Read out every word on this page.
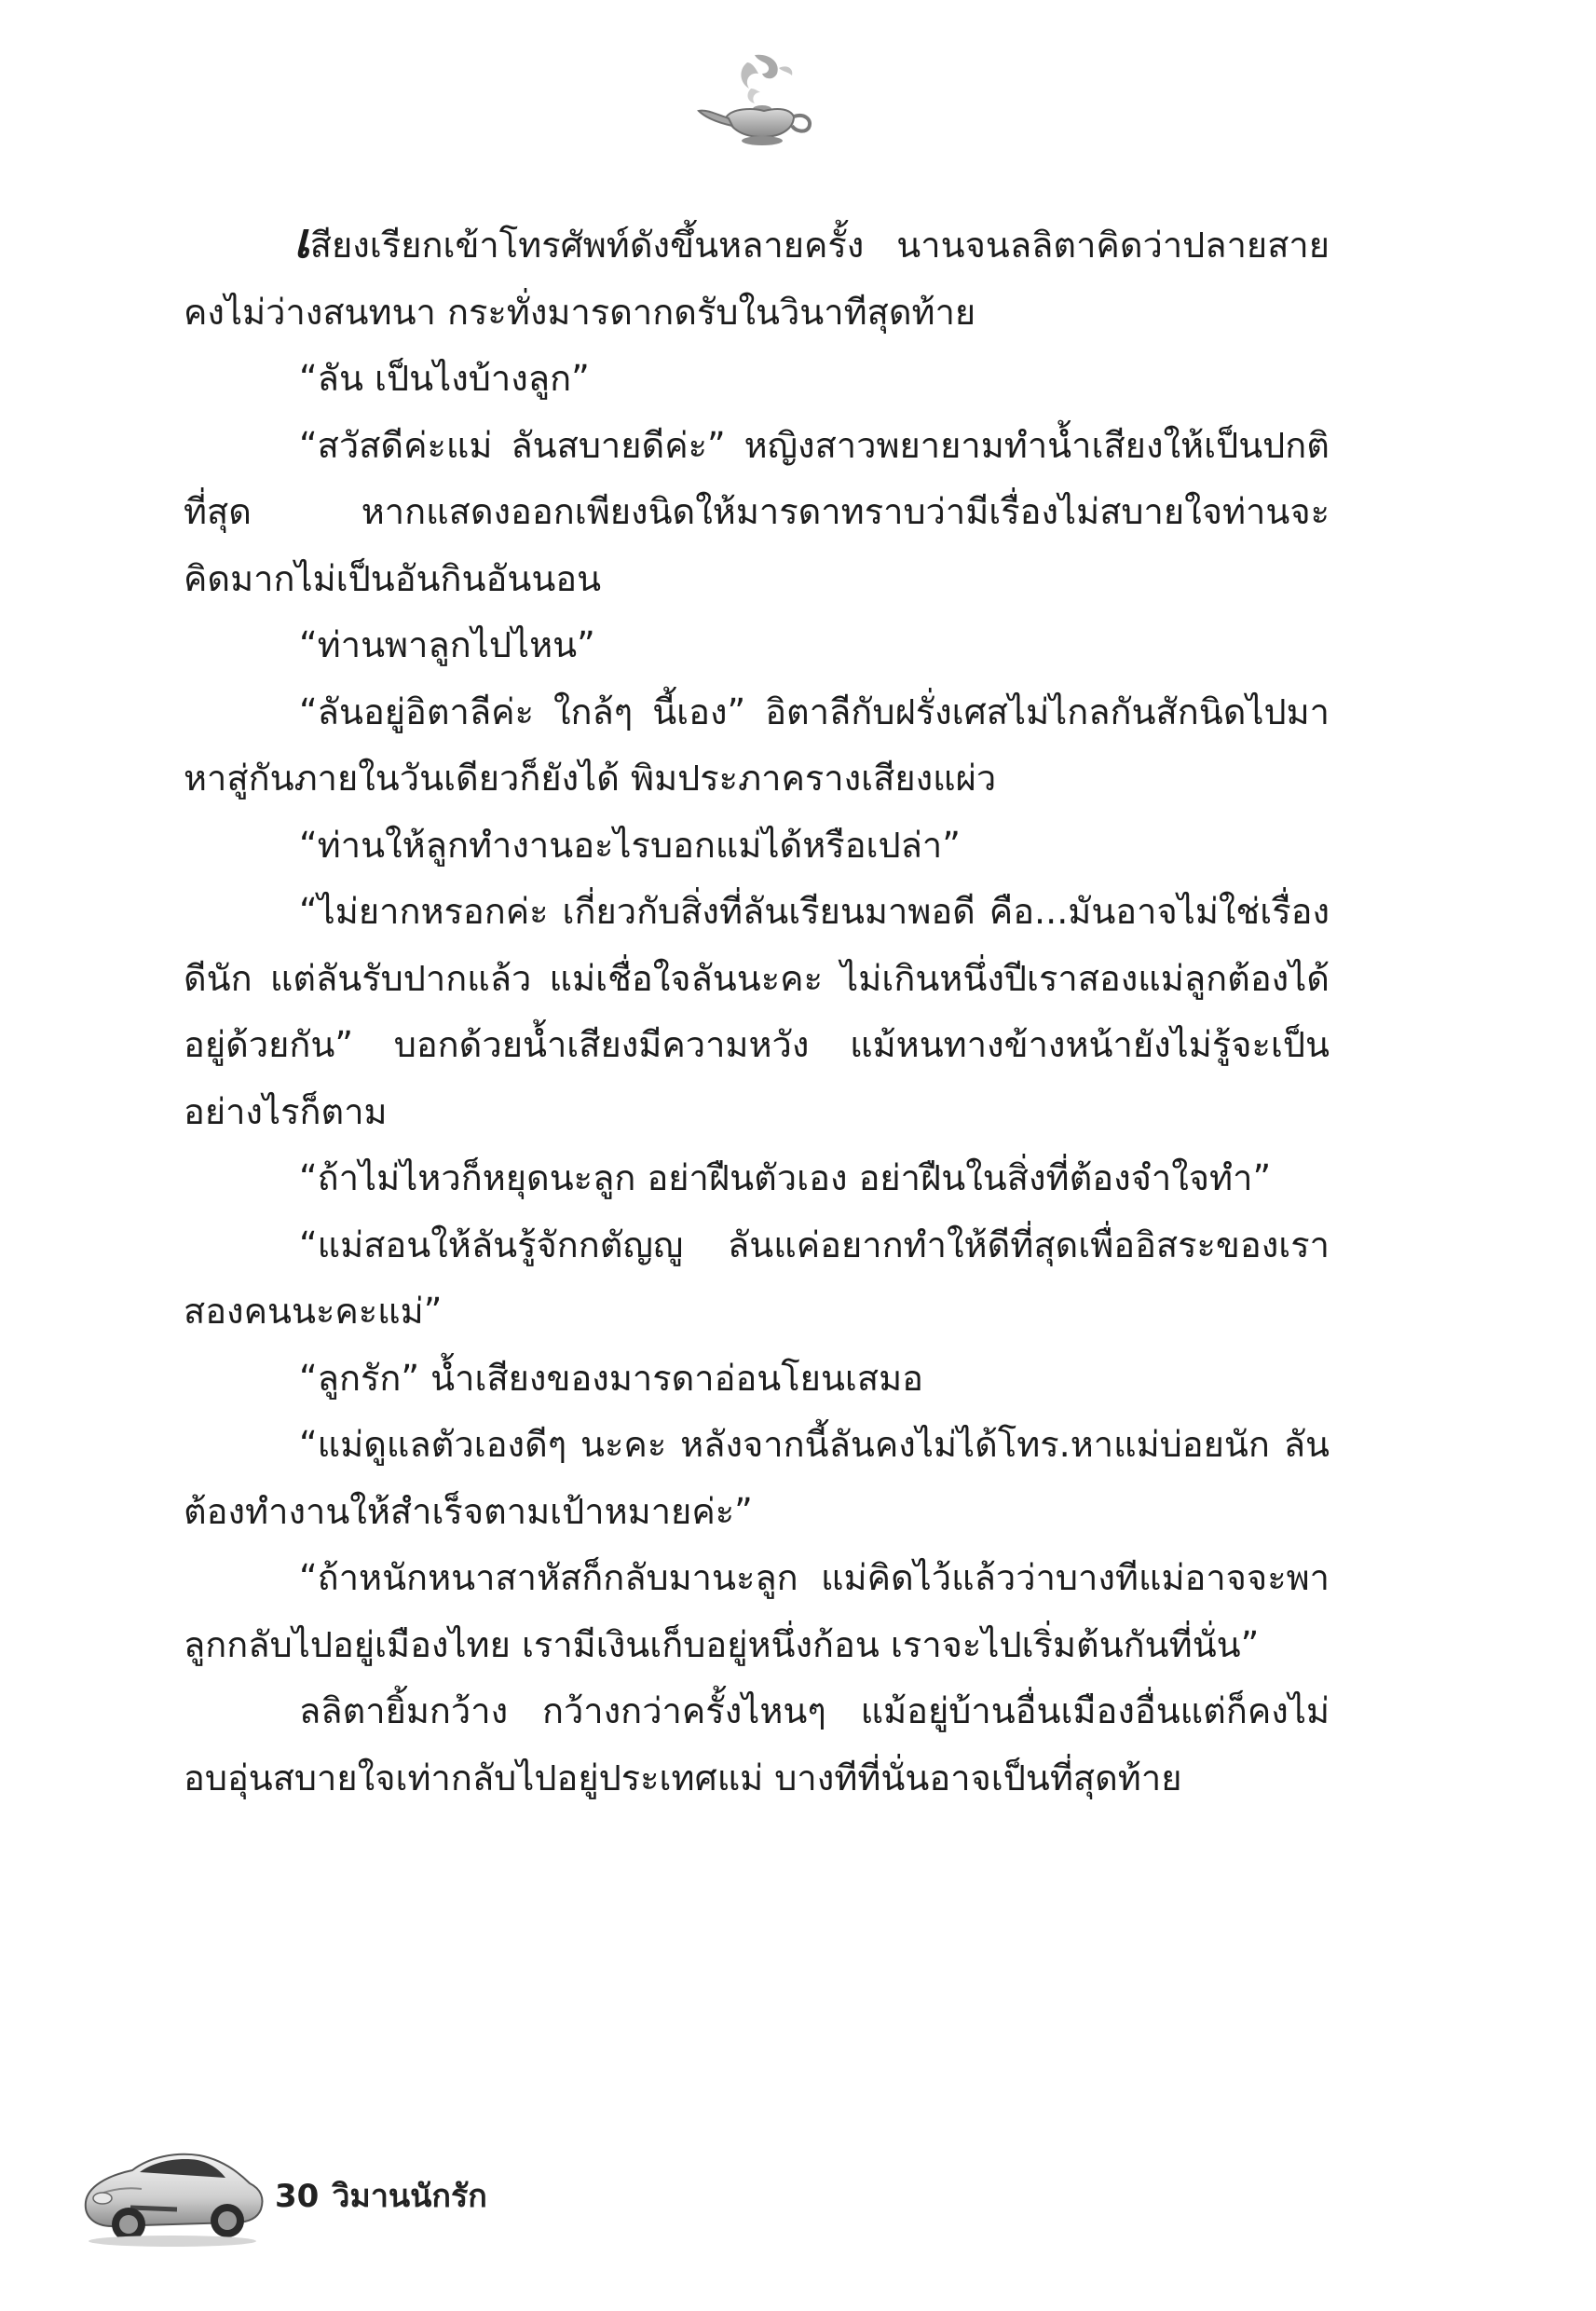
เสียงเรียกเข้าโทรศัพท์ดังขึ้นหลายครั้ง นานจนลลิตาคิดว่าปลายสายคงไม่ว่างสนทนา กระทั่งมารดากดรับในวินาทีสุดท้าย

“ลัน เป็นไงบ้างลูก”

“สวัสดีค่ะแม่ ลันสบายดีค่ะ” หญิงสาวพยายามทำน้ำเสียงให้เป็นปกติที่สุด หากแสดงออกเพียงนิดให้มารดาทราบว่ามีเรื่องไม่สบายใจท่านจะคิดมากไม่เป็นอันกินอันนอน

“ท่านพาลูกไปไหน”

“ลันอยู่อิตาลีค่ะ ใกล้ๆ นี้เอง” อิตาลีกับฝรั่งเศสไม่ไกลกันสักนิดไปมาหาสู่กันภายในวันเดียวก็ยังได้ พิมประภาครางเสียงแผ่ว

“ท่านให้ลูกทำงานอะไรบอกแม่ได้หรือเปล่า”

“ไม่ยากหรอกค่ะ เกี่ยวกับสิ่งที่ลันเรียนมาพอดี คือ...มันอาจไม่ใช่เรื่องดีนัก แต่ลันรับปากแล้ว แม่เชื่อใจลันนะคะ ไม่เกินหนึ่งปีเราสองแม่ลูกต้องได้อยู่ด้วยกัน” บอกด้วยน้ำเสียงมีความหวัง แม้หนทางข้างหน้ายังไม่รู้จะเป็นอย่างไรก็ตาม

“ถ้าไม่ไหวก็หยุดนะลูก อย่าฝืนตัวเอง อย่าฝืนในสิ่งที่ต้องจำใจทำ”

“แม่สอนให้ลันรู้จักกตัญญู ลันแค่อยากทำให้ดีที่สุดเพื่ออิสระของเราสองคนนะคะแม่”

“ลูกรัก” น้ำเสียงของมารดาอ่อนโยนเสมอ

“แม่ดูแลตัวเองดีๆ นะคะ หลังจากนี้ลันคงไม่ได้โทร.หาแม่บ่อยนัก ลันต้องทำงานให้สำเร็จตามเป้าหมายค่ะ”

“ถ้าหนักหนาสาหัสก็กลับมานะลูก แม่คิดไว้แล้วว่าบางทีแม่อาจจะพาลูกกลับไปอยู่เมืองไทย เรามีเงินเก็บอยู่หนึ่งก้อน เราจะไปเริ่มต้นกันที่นั่น”

ลลิตายิ้มกว้าง กว้างกว่าครั้งไหนๆ แม้อยู่บ้านอื่นเมืองอื่นแต่ก็คงไม่อบอุ่นสบายใจเท่ากลับไปอยู่ประเทศแม่ บางทีที่นั่นอาจเป็นที่สุดท้าย

30 วิมานนักรัก
